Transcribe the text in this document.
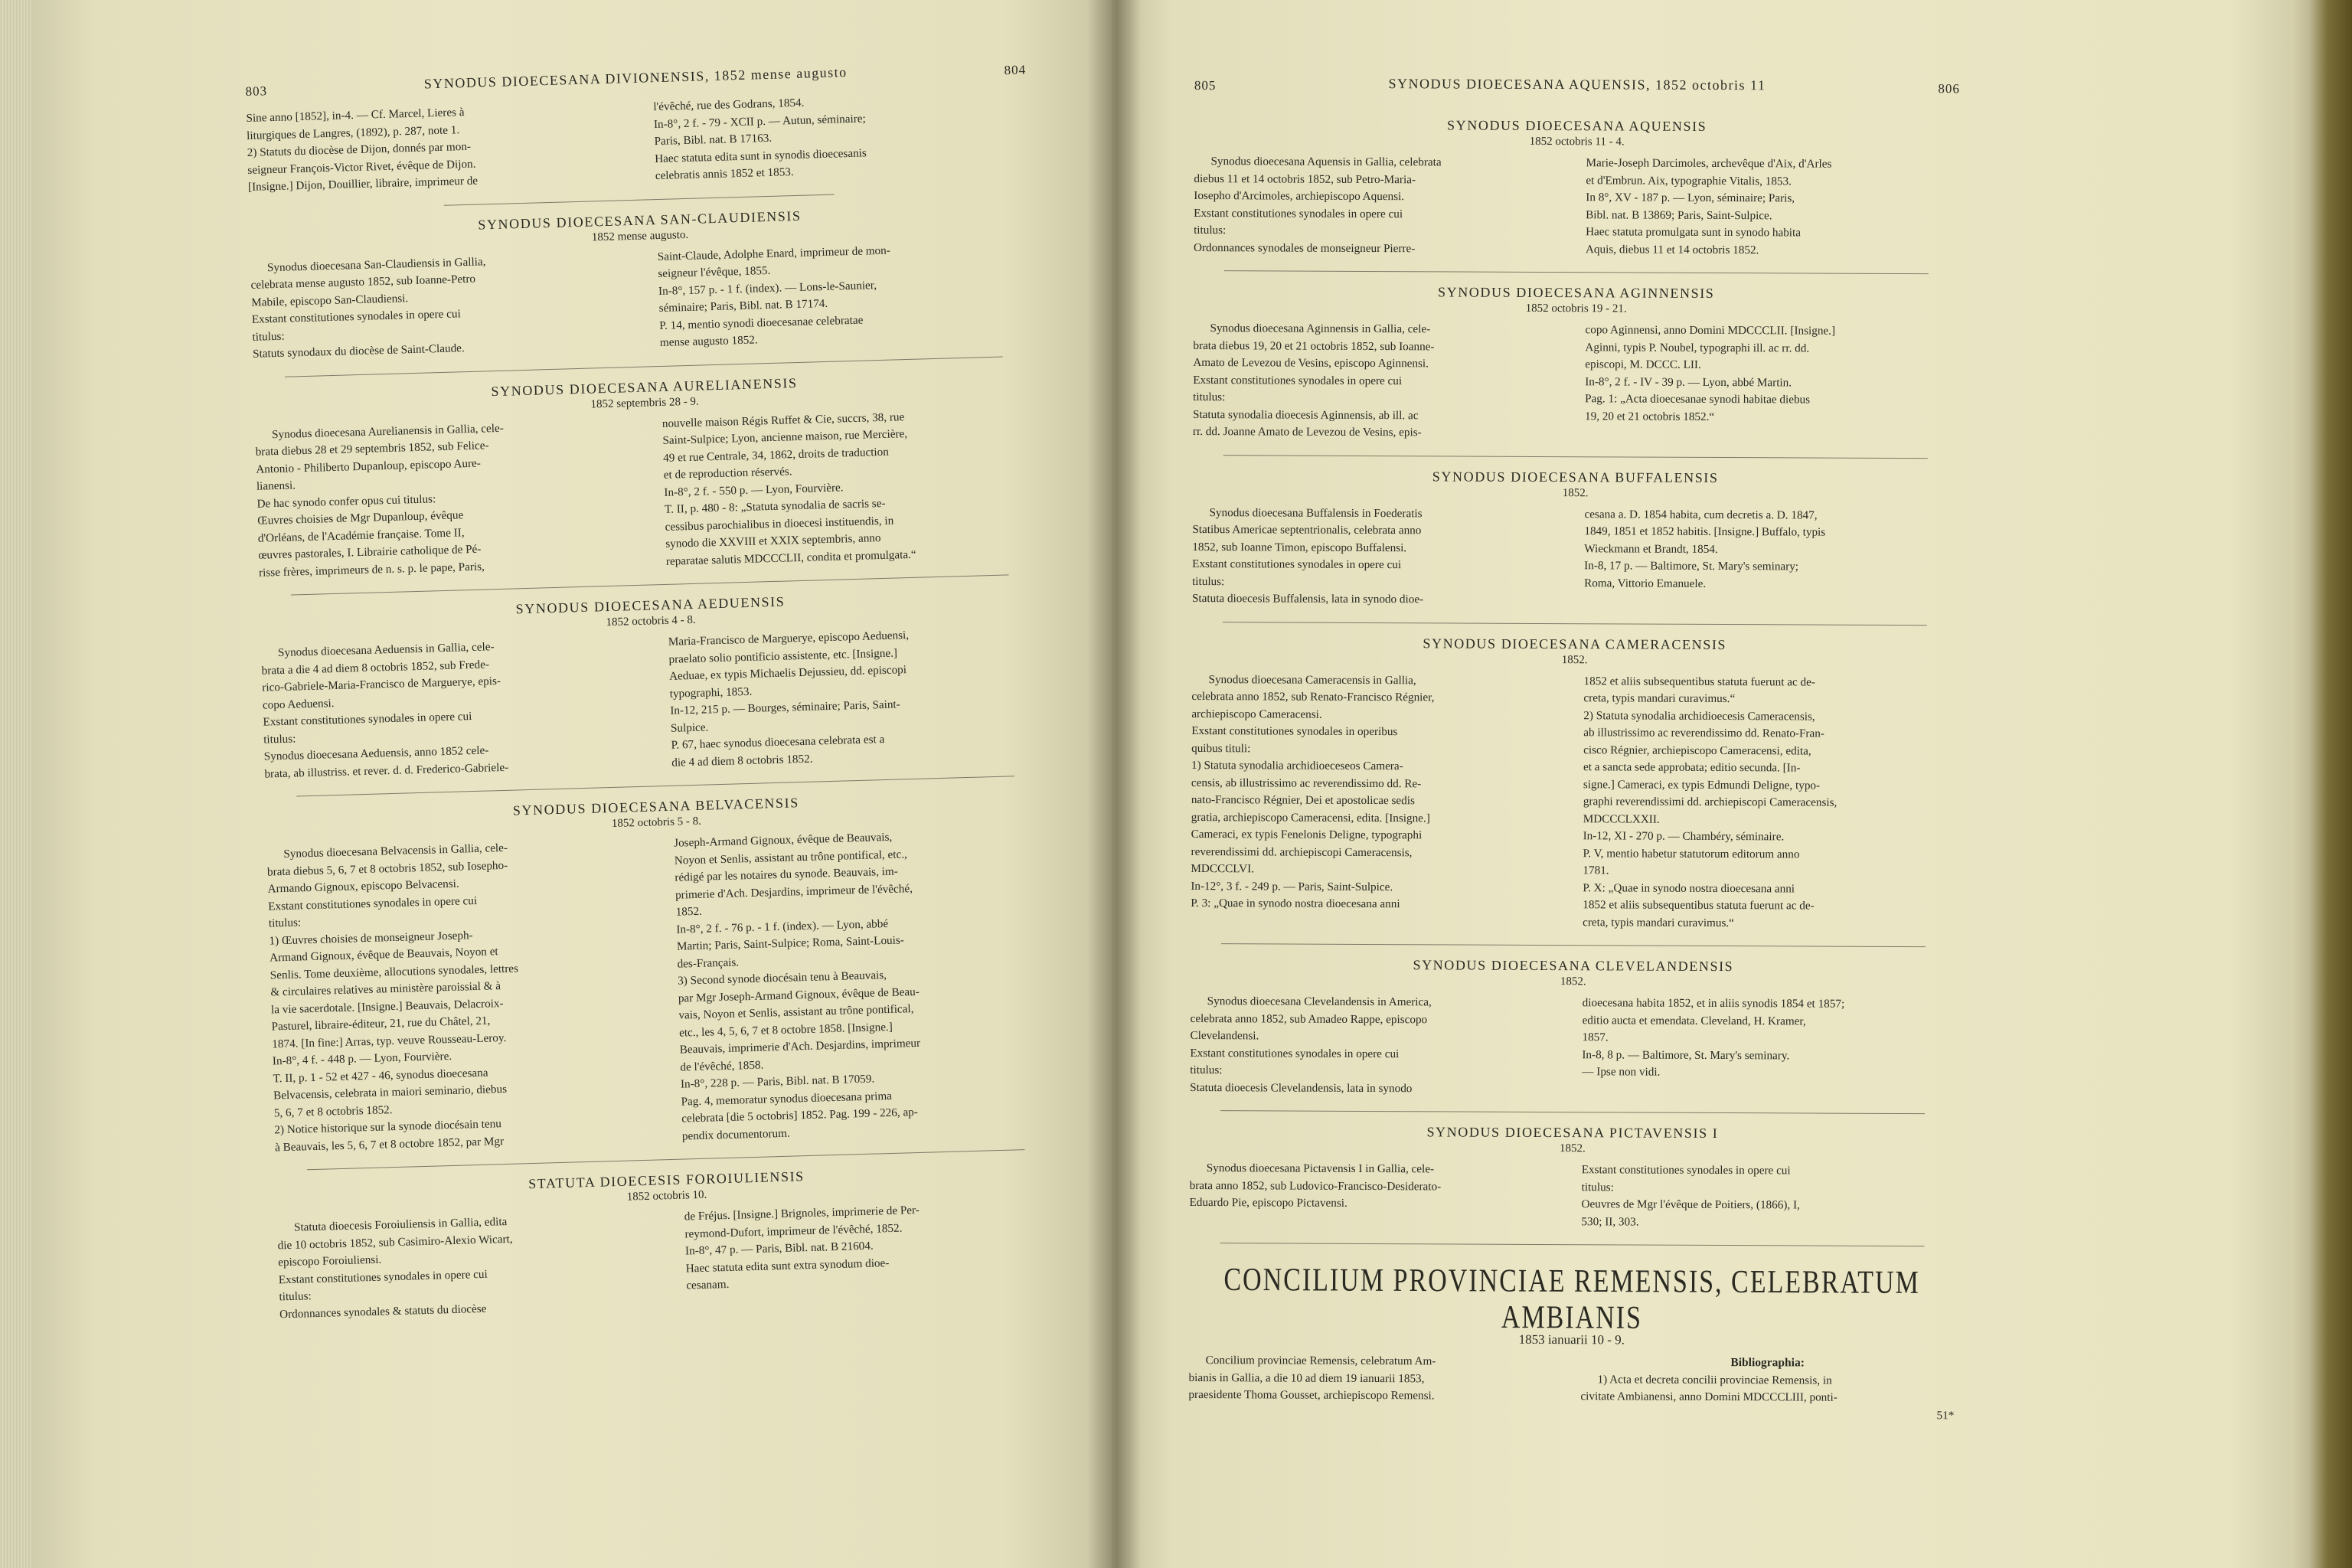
803	SYNODUS DIOECESANA DIVIONENSIS, 1852 mense augusto	804

Sine anno [1852], in-4. — Cf. Marcel, Lieres à

liturgiques de Langres, (1892), p. 287, note 1.

2) Statuts du diocèse de Dijon, donnés par mon-

seigneur François-Victor Rivet, évêque de Dijon.

[Insigne.] Dijon, Douillier, libraire, imprimeur de

l'évêché, rue des Godrans, 1854.

In-8°, 2 f. - 79 - XCII p. — Autun, séminaire;

Paris, Bibl. nat. B 17163.

Haec statuta edita sunt in synodis dioecesanis

celebratis annis 1852 et 1853.

SYNODUS DIOECESANA SAN-CLAUDIENSIS
1852 mense augusto.

Synodus dioecesana San-Claudiensis in Gallia,

celebrata mense augusto 1852, sub Ioanne-Petro

Mabile, episcopo San-Claudiensi.

Exstant constitutiones synodales in opere cui

titulus:

Statuts synodaux du diocèse de Saint-Claude.

Saint-Claude, Adolphe Enard, imprimeur de mon-

seigneur l'évêque, 1855.

In-8°, 157 p. - 1 f. (index). — Lons-le-Saunier,

séminaire; Paris, Bibl. nat. B 17174.

P. 14, mentio synodi dioecesanae celebratae

mense augusto 1852.

SYNODUS DIOECESANA AURELIANENSIS
1852 septembris 28 - 9.

Synodus dioecesana Aurelianensis in Gallia, cele-

brata diebus 28 et 29 septembris 1852, sub Felice-

Antonio - Philiberto Dupanloup, episcopo Aure-

lianensi.

De hac synodo confer opus cui titulus:

Œuvres choisies de Mgr Dupanloup, évêque

d'Orléans, de l'Académie française. Tome II,

œuvres pastorales, I. Librairie catholique de Pé-

risse frères, imprimeurs de n. s. p. le pape, Paris,

nouvelle maison Régis Ruffet & Cie, succrs, 38, rue

Saint-Sulpice; Lyon, ancienne maison, rue Mercière,

49 et rue Centrale, 34, 1862, droits de traduction

et de reproduction réservés.

In-8°, 2 f. - 550 p. — Lyon, Fourvière.

T. II, p. 480 - 8: „Statuta synodalia de sacris se-

cessibus parochialibus in dioecesi instituendis, in

synodo die XXVIII et XXIX septembris, anno

reparatae salutis MDCCCLII, condita et promulgata.“

SYNODUS DIOECESANA AEDUENSIS
1852 octobris 4 - 8.

Synodus dioecesana Aeduensis in Gallia, cele-

brata a die 4 ad diem 8 octobris 1852, sub Frede-

rico-Gabriele-Maria-Francisco de Marguerye, epis-

copo Aeduensi.

Exstant constitutiones synodales in opere cui

titulus:

Synodus dioecesana Aeduensis, anno 1852 cele-

brata, ab illustriss. et rever. d. d. Frederico-Gabriele-

Maria-Francisco de Marguerye, episcopo Aeduensi,

praelato solio pontificio assistente, etc. [Insigne.]

Aeduae, ex typis Michaelis Dejussieu, dd. episcopi

typographi, 1853.

In-12, 215 p. — Bourges, séminaire; Paris, Saint-

Sulpice.

P. 67, haec synodus dioecesana celebrata est a

die 4 ad diem 8 octobris 1852.

SYNODUS DIOECESANA BELVACENSIS
1852 octobris 5 - 8.

Synodus dioecesana Belvacensis in Gallia, cele-

brata diebus 5, 6, 7 et 8 octobris 1852, sub Iosepho-

Armando Gignoux, episcopo Belvacensi.

Exstant constitutiones synodales in opere cui

titulus:

1) Œuvres choisies de monseigneur Joseph-

Armand Gignoux, évêque de Beauvais, Noyon et

Senlis. Tome deuxième, allocutions synodales, lettres

& circulaires relatives au ministère paroissial & à

la vie sacerdotale. [Insigne.] Beauvais, Delacroix-

Pasturel, libraire-éditeur, 21, rue du Châtel, 21,

1874. [In fine:] Arras, typ. veuve Rousseau-Leroy.

In-8°, 4 f. - 448 p. — Lyon, Fourvière.

T. II, p. 1 - 52 et 427 - 46, synodus dioecesana

Belvacensis, celebrata in maiori seminario, diebus

5, 6, 7 et 8 octobris 1852.

2) Notice historique sur la synode diocésain tenu

à Beauvais, les 5, 6, 7 et 8 octobre 1852, par Mgr

Joseph-Armand Gignoux, évêque de Beauvais,

Noyon et Senlis, assistant au trône pontifical, etc.,

rédigé par les notaires du synode. Beauvais, im-

primerie d'Ach. Desjardins, imprimeur de l'évêché,

1852.

In-8°, 2 f. - 76 p. - 1 f. (index). — Lyon, abbé

Martin; Paris, Saint-Sulpice; Roma, Saint-Louis-

des-Français.

3) Second synode diocésain tenu à Beauvais,

par Mgr Joseph-Armand Gignoux, évêque de Beau-

vais, Noyon et Senlis, assistant au trône pontifical,

etc., les 4, 5, 6, 7 et 8 octobre 1858. [Insigne.]

Beauvais, imprimerie d'Ach. Desjardins, imprimeur

de l'évêché, 1858.

In-8°, 228 p. — Paris, Bibl. nat. B 17059.

Pag. 4, memoratur synodus dioecesana prima

celebrata [die 5 octobris] 1852. Pag. 199 - 226, ap-

pendix documentorum.

STATUTA DIOECESIS FOROIULIENSIS
1852 octobris 10.

Statuta dioecesis Foroiuliensis in Gallia, edita

die 10 octobris 1852, sub Casimiro-Alexio Wicart,

episcopo Foroiuliensi.

Exstant constitutiones synodales in opere cui

titulus:

Ordonnances synodales & statuts du diocèse

de Fréjus. [Insigne.] Brignoles, imprimerie de Per-

reymond-Dufort, imprimeur de l'évêché, 1852.

In-8°, 47 p. — Paris, Bibl. nat. B 21604.

Haec statuta edita sunt extra synodum dioe-

cesanam.

805	SYNODUS DIOECESANA AQUENSIS, 1852 octobris 11	806
SYNODUS DIOECESANA AQUENSIS
1852 octobris 11 - 4.

Synodus dioecesana Aquensis in Gallia, celebrata

diebus 11 et 14 octobris 1852, sub Petro-Maria-

Iosepho d'Arcimoles, archiepiscopo Aquensi.

Exstant constitutiones synodales in opere cui

titulus:

Ordonnances synodales de monseigneur Pierre-

Marie-Joseph Darcimoles, archevêque d'Aix, d'Arles

et d'Embrun. Aix, typographie Vitalis, 1853.

In 8°, XV - 187 p. — Lyon, séminaire; Paris,

Bibl. nat. B 13869; Paris, Saint-Sulpice.

Haec statuta promulgata sunt in synodo habita

Aquis, diebus 11 et 14 octobris 1852.

SYNODUS DIOECESANA AGINNENSIS
1852 octobris 19 - 21.

Synodus dioecesana Aginnensis in Gallia, cele-

brata diebus 19, 20 et 21 octobris 1852, sub Ioanne-

Amato de Levezou de Vesins, episcopo Aginnensi.

Exstant constitutiones synodales in opere cui

titulus:

Statuta synodalia dioecesis Aginnensis, ab ill. ac

rr. dd. Joanne Amato de Levezou de Vesins, epis-

copo Aginnensi, anno Domini MDCCCLII. [Insigne.]

Aginni, typis P. Noubel, typographi ill. ac rr. dd.

episcopi, M. DCCC. LII.

In-8°, 2 f. - IV - 39 p. — Lyon, abbé Martin.

Pag. 1: „Acta dioecesanae synodi habitae diebus

19, 20 et 21 octobris 1852.“

SYNODUS DIOECESANA BUFFALENSIS
1852.

Synodus dioecesana Buffalensis in Foederatis

Statibus Americae septentrionalis, celebrata anno

1852, sub Ioanne Timon, episcopo Buffalensi.

Exstant constitutiones synodales in opere cui

titulus:

Statuta dioecesis Buffalensis, lata in synodo dioe-

cesana a. D. 1854 habita, cum decretis a. D. 1847,

1849, 1851 et 1852 habitis. [Insigne.] Buffalo, typis

Wieckmann et Brandt, 1854.

In-8, 17 p. — Baltimore, St. Mary's seminary;

Roma, Vittorio Emanuele.

SYNODUS DIOECESANA CAMERACENSIS
1852.

Synodus dioecesana Cameracensis in Gallia,

celebrata anno 1852, sub Renato-Francisco Régnier,

archiepiscopo Cameracensi.

Exstant constitutiones synodales in operibus

quibus tituli:

1) Statuta synodalia archidioeceseos Camera-

censis, ab illustrissimo ac reverendissimo dd. Re-

nato-Francisco Régnier, Dei et apostolicae sedis

gratia, archiepiscopo Cameracensi, edita. [Insigne.]

Cameraci, ex typis Fenelonis Deligne, typographi

reverendissimi dd. archiepiscopi Cameracensis,

MDCCCLVI.

In-12°, 3 f. - 249 p. — Paris, Saint-Sulpice.

P. 3: „Quae in synodo nostra dioecesana anni

1852 et aliis subsequentibus statuta fuerunt ac de-

creta, typis mandari curavimus.“

2) Statuta synodalia archidioecesis Cameracensis,

ab illustrissimo ac reverendissimo dd. Renato-Fran-

cisco Régnier, archiepiscopo Cameracensi, edita,

et a sancta sede approbata; editio secunda. [In-

signe.] Cameraci, ex typis Edmundi Deligne, typo-

graphi reverendissimi dd. archiepiscopi Cameracensis,

MDCCCLXXII.

In-12, XI - 270 p. — Chambéry, séminaire.

P. V, mentio habetur statutorum editorum anno

1781.

P. X: „Quae in synodo nostra dioecesana anni

1852 et aliis subsequentibus statuta fuerunt ac de-

creta, typis mandari curavimus.“

SYNODUS DIOECESANA CLEVELANDENSIS
1852.

Synodus dioecesana Clevelandensis in America,

celebrata anno 1852, sub Amadeo Rappe, episcopo

Clevelandensi.

Exstant constitutiones synodales in opere cui

titulus:

Statuta dioecesis Clevelandensis, lata in synodo

dioecesana habita 1852, et in aliis synodis 1854 et 1857;

editio aucta et emendata. Cleveland, H. Kramer,

1857.

In-8, 8 p. — Baltimore, St. Mary's seminary.

— Ipse non vidi.

SYNODUS DIOECESANA PICTAVENSIS I
1852.

Synodus dioecesana Pictavensis I in Gallia, cele-

brata anno 1852, sub Ludovico-Francisco-Desiderato-

Eduardo Pie, episcopo Pictavensi.

Exstant constitutiones synodales in opere cui

titulus:

Oeuvres de Mgr l'évêque de Poitiers, (1866), I,

530; II, 303.

CONCILIUM PROVINCIAE REMENSIS, CELEBRATUM AMBIANIS
1853 ianuarii 10 - 9.

Concilium provinciae Remensis, celebratum Am-

bianis in Gallia, a die 10 ad diem 19 ianuarii 1853,

praesidente Thoma Gousset, archiepiscopo Remensi.

Bibliographia:

1) Acta et decreta concilii provinciae Remensis, in

civitate Ambianensi, anno Domini MDCCCLIII, ponti-

51*
